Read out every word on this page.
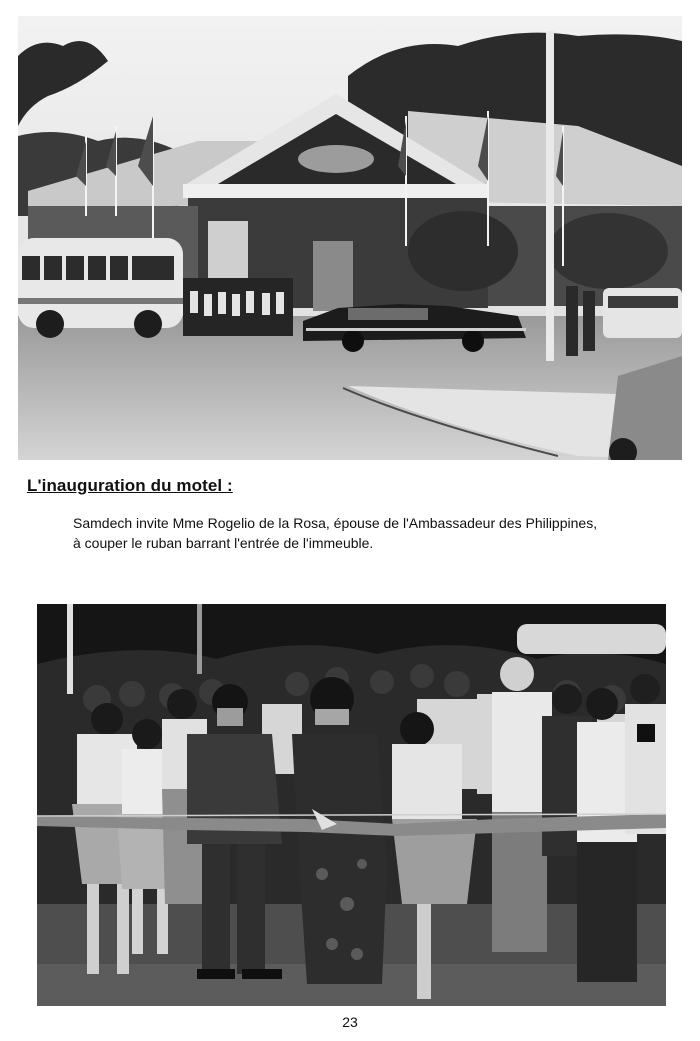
L'inauguration du motel :
Samdech invite Mme Rogelio de la Rosa, épouse de l'Ambassadeur des Philippines,
à couper le ruban barrant l'entrée de l'immeuble.
23
